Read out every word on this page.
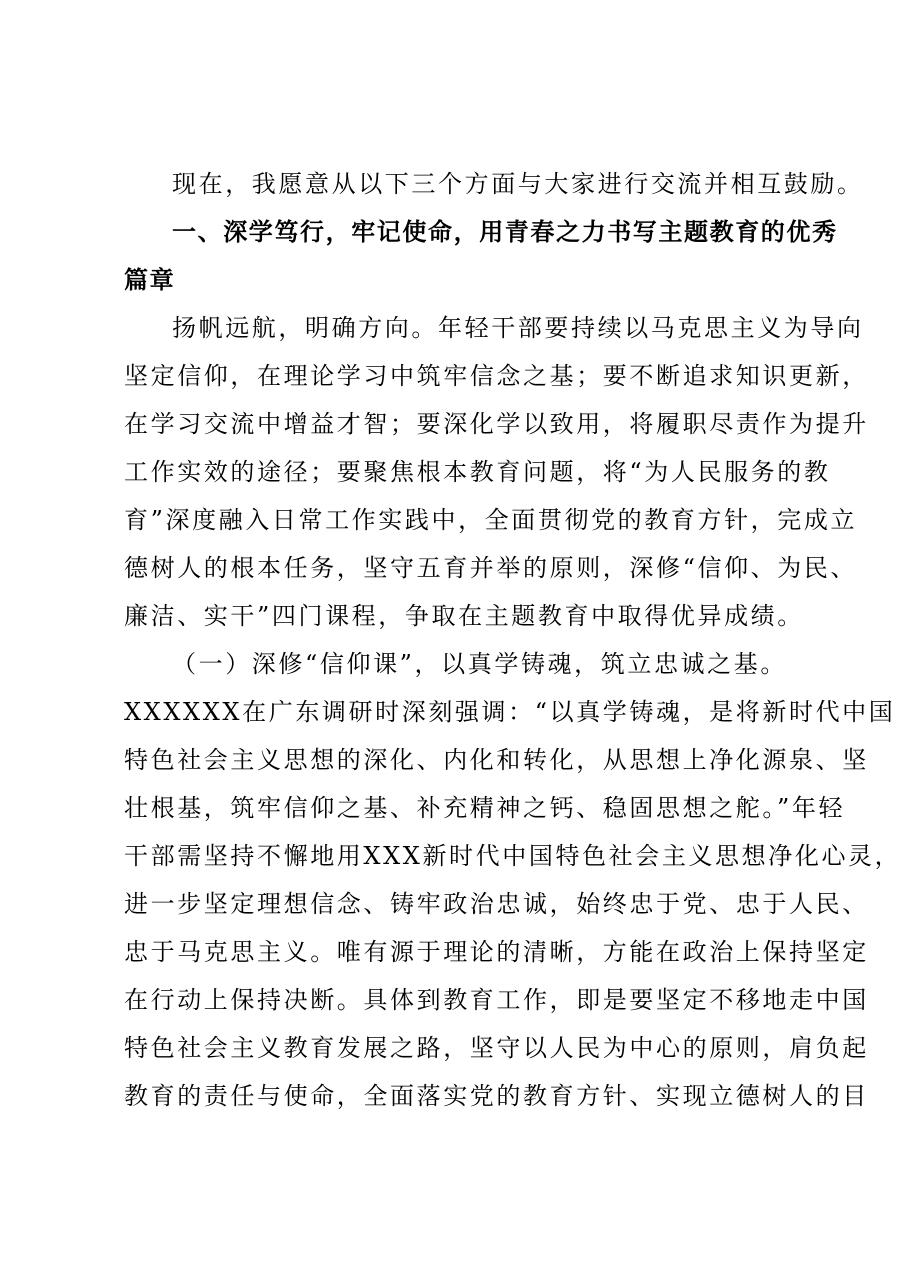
现在，我愿意从以下三个方面与大家进行交流并相互鼓励。
一、深学笃行，牢记使命，用青春之力书写主题教育的优秀
篇章
扬帆远航，明确方向。年轻干部要持续以马克思主义为导向
坚定信仰，在理论学习中筑牢信念之基；要不断追求知识更新，
在学习交流中增益才智；要深化学以致用，将履职尽责作为提升
工作实效的途径；要聚焦根本教育问题，将“为人民服务的教
育”深度融入日常工作实践中，全面贯彻党的教育方针，完成立
德树人的根本任务，坚守五育并举的原则，深修“信仰、为民、
廉洁、实干”四门课程，争取在主题教育中取得优异成绩。
（一）深修“信仰课”，以真学铸魂，筑立忠诚之基。
XXXXXX在广东调研时深刻强调：“以真学铸魂，是将新时代中国
特色社会主义思想的深化、内化和转化，从思想上净化源泉、坚
壮根基，筑牢信仰之基、补充精神之钙、稳固思想之舵。”年轻
干部需坚持不懈地用XXX新时代中国特色社会主义思想净化心灵，
进一步坚定理想信念、铸牢政治忠诚，始终忠于党、忠于人民、
忠于马克思主义。唯有源于理论的清晰，方能在政治上保持坚定
在行动上保持决断。具体到教育工作，即是要坚定不移地走中国
特色社会主义教育发展之路，坚守以人民为中心的原则，肩负起
教育的责任与使命，全面落实党的教育方针、实现立德树人的目
